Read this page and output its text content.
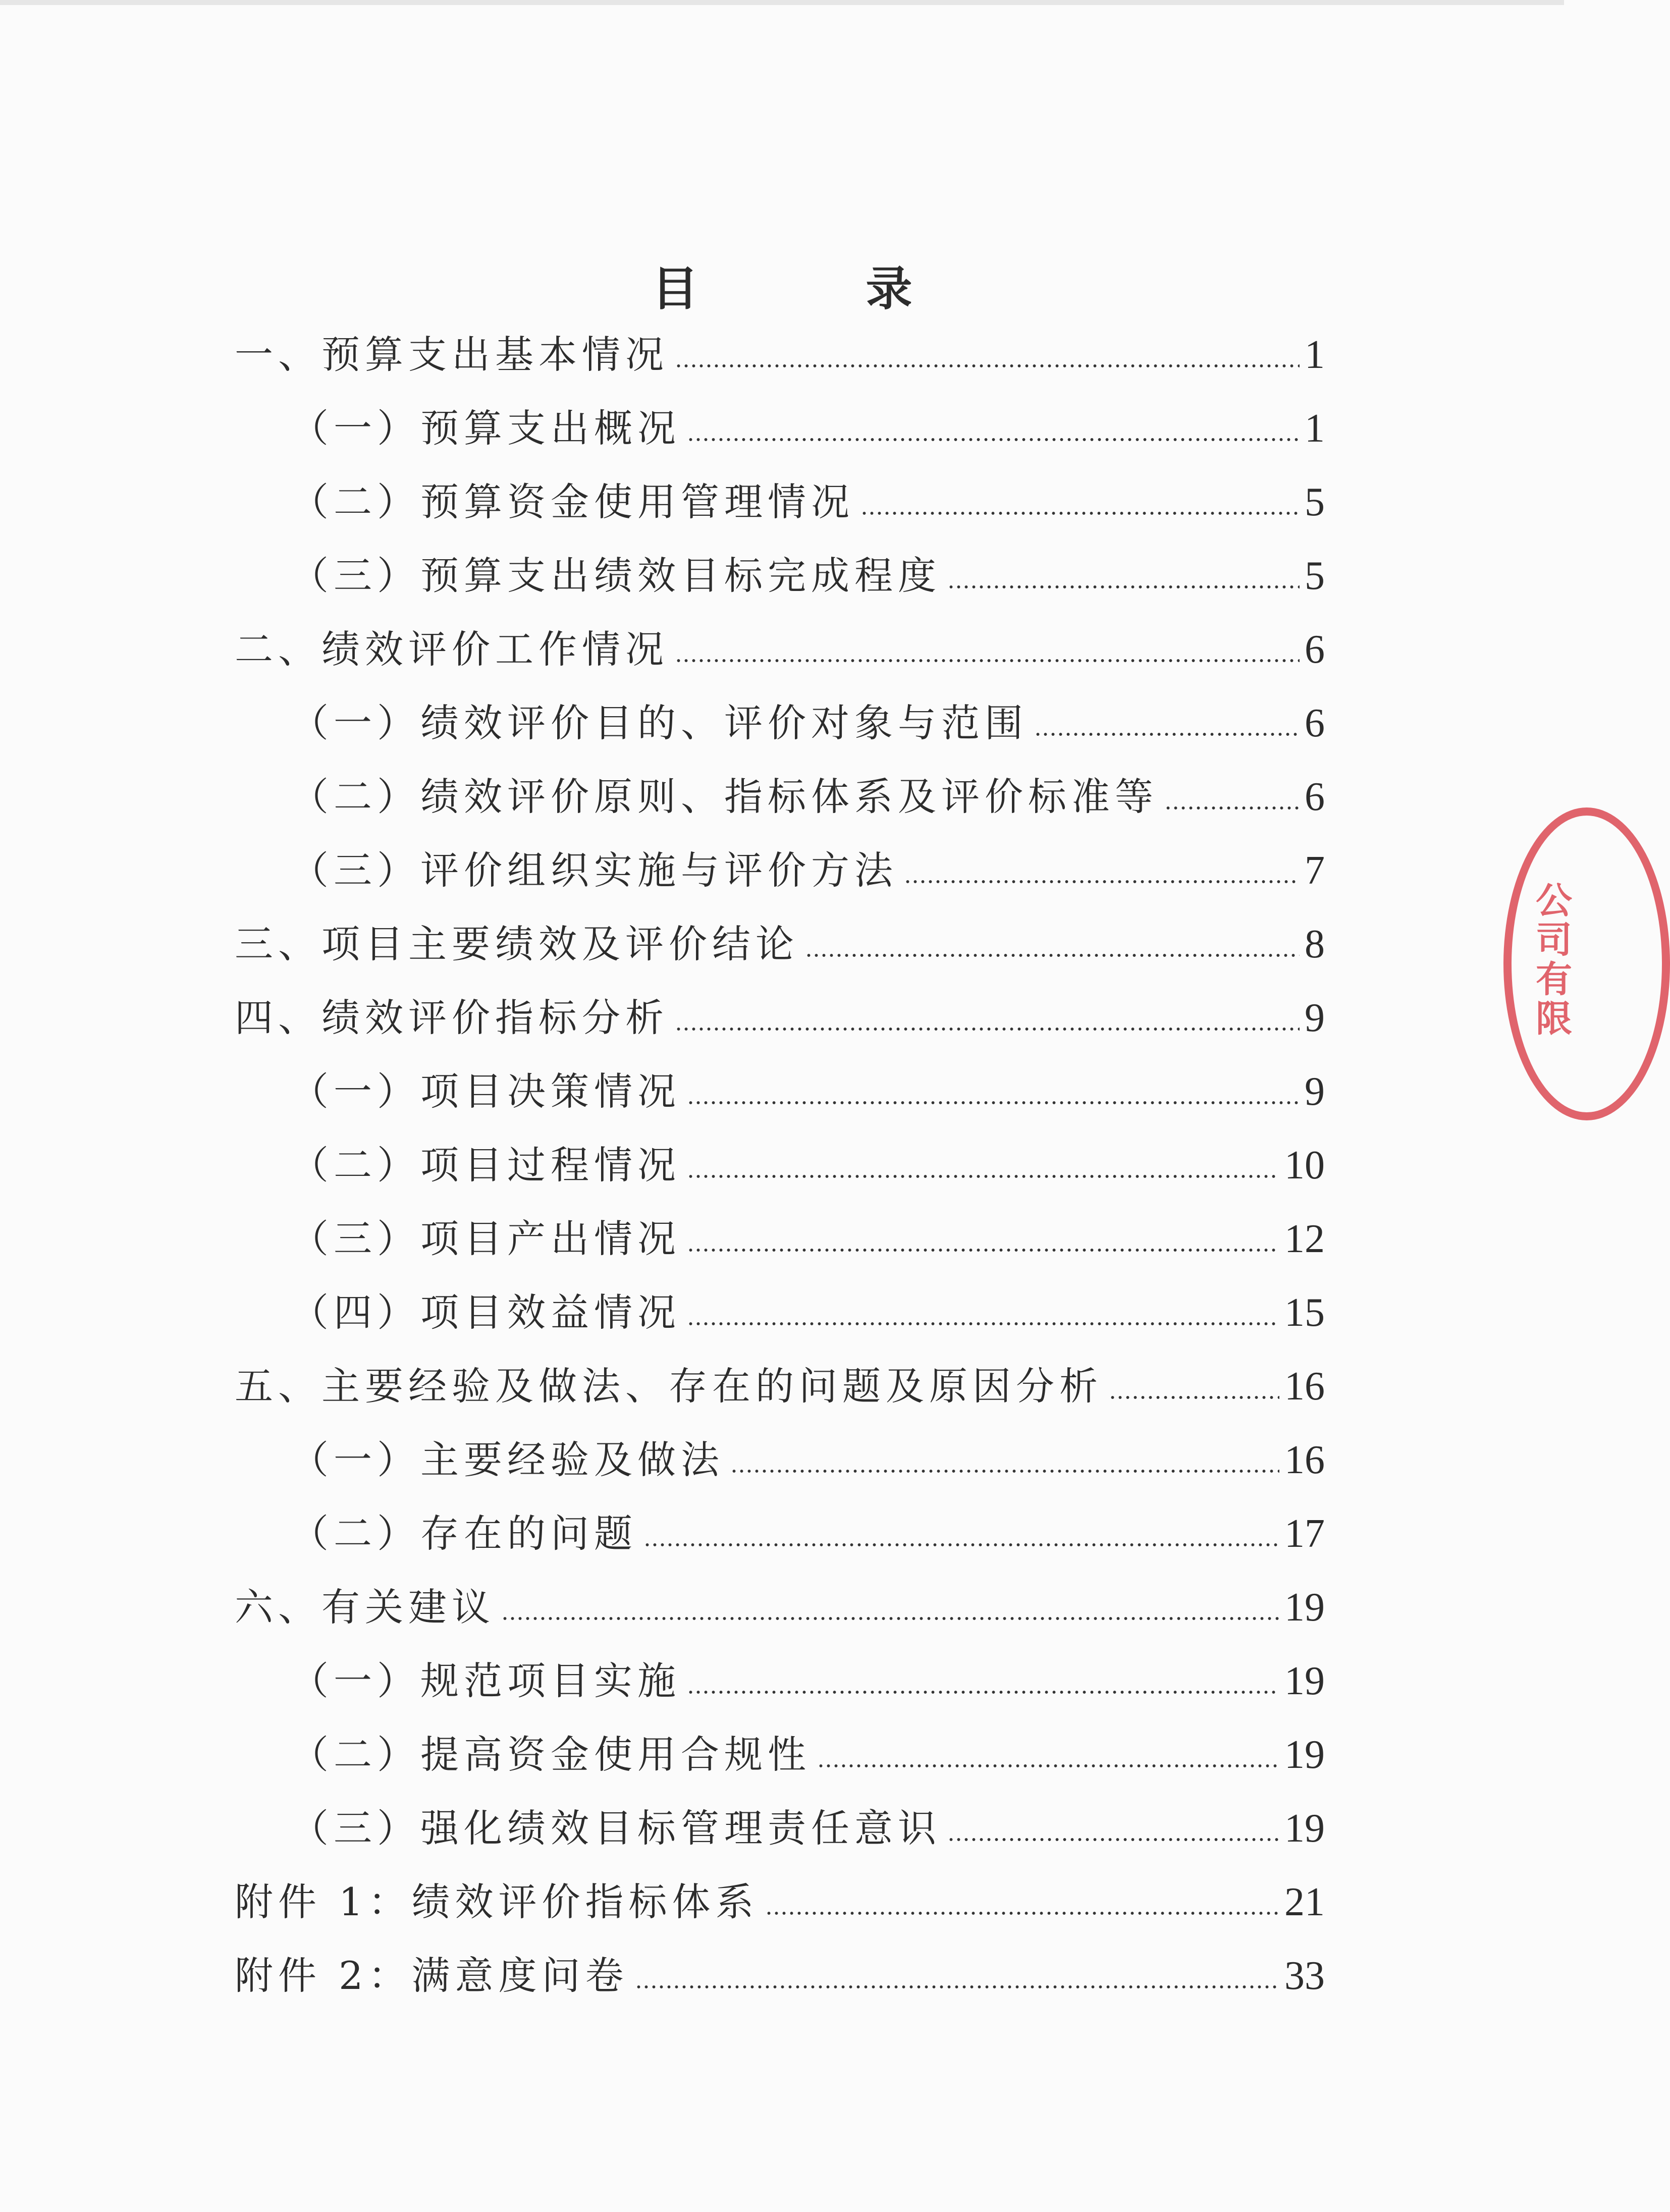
目 录
一、预算支出基本情况	1
（一）预算支出概况	1
（二）预算资金使用管理情况	5
（三）预算支出绩效目标完成程度	5
二、绩效评价工作情况	6
（一）绩效评价目的、评价对象与范围	6
（二）绩效评价原则、指标体系及评价标准等	6
（三）评价组织实施与评价方法	7
三、项目主要绩效及评价结论	8
四、绩效评价指标分析	9
（一）项目决策情况	9
（二）项目过程情况	10
（三）项目产出情况	12
（四）项目效益情况	15
五、主要经验及做法、存在的问题及原因分析	16
（一）主要经验及做法	16
（二）存在的问题	17
六、有关建议	19
（一）规范项目实施	19
（二）提高资金使用合规性	19
（三）强化绩效目标管理责任意识	19
附件 1：绩效评价指标体系	21
附件 2：满意度问卷	33
公司有限
